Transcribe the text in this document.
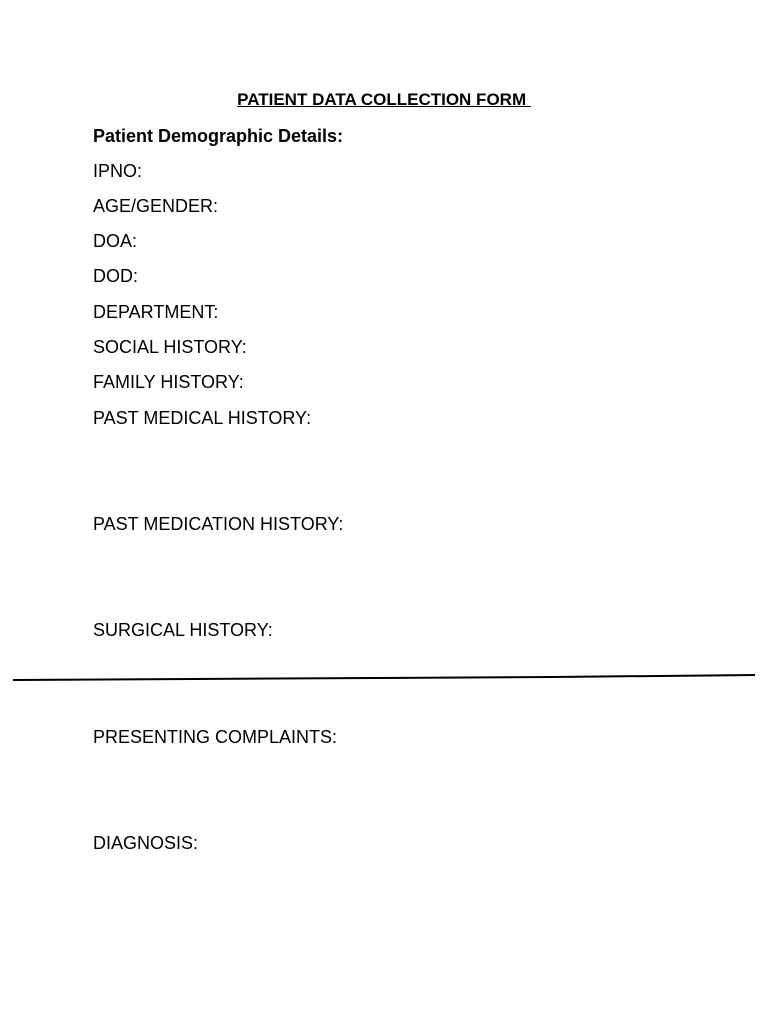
PATIENT DATA COLLECTION FORM
Patient Demographic Details:
IPNO:
AGE/GENDER:
DOA:
DOD:
DEPARTMENT:
SOCIAL HISTORY:
FAMILY HISTORY:
PAST MEDICAL HISTORY:
PAST MEDICATION HISTORY:
SURGICAL HISTORY:
PRESENTING COMPLAINTS:
DIAGNOSIS:
